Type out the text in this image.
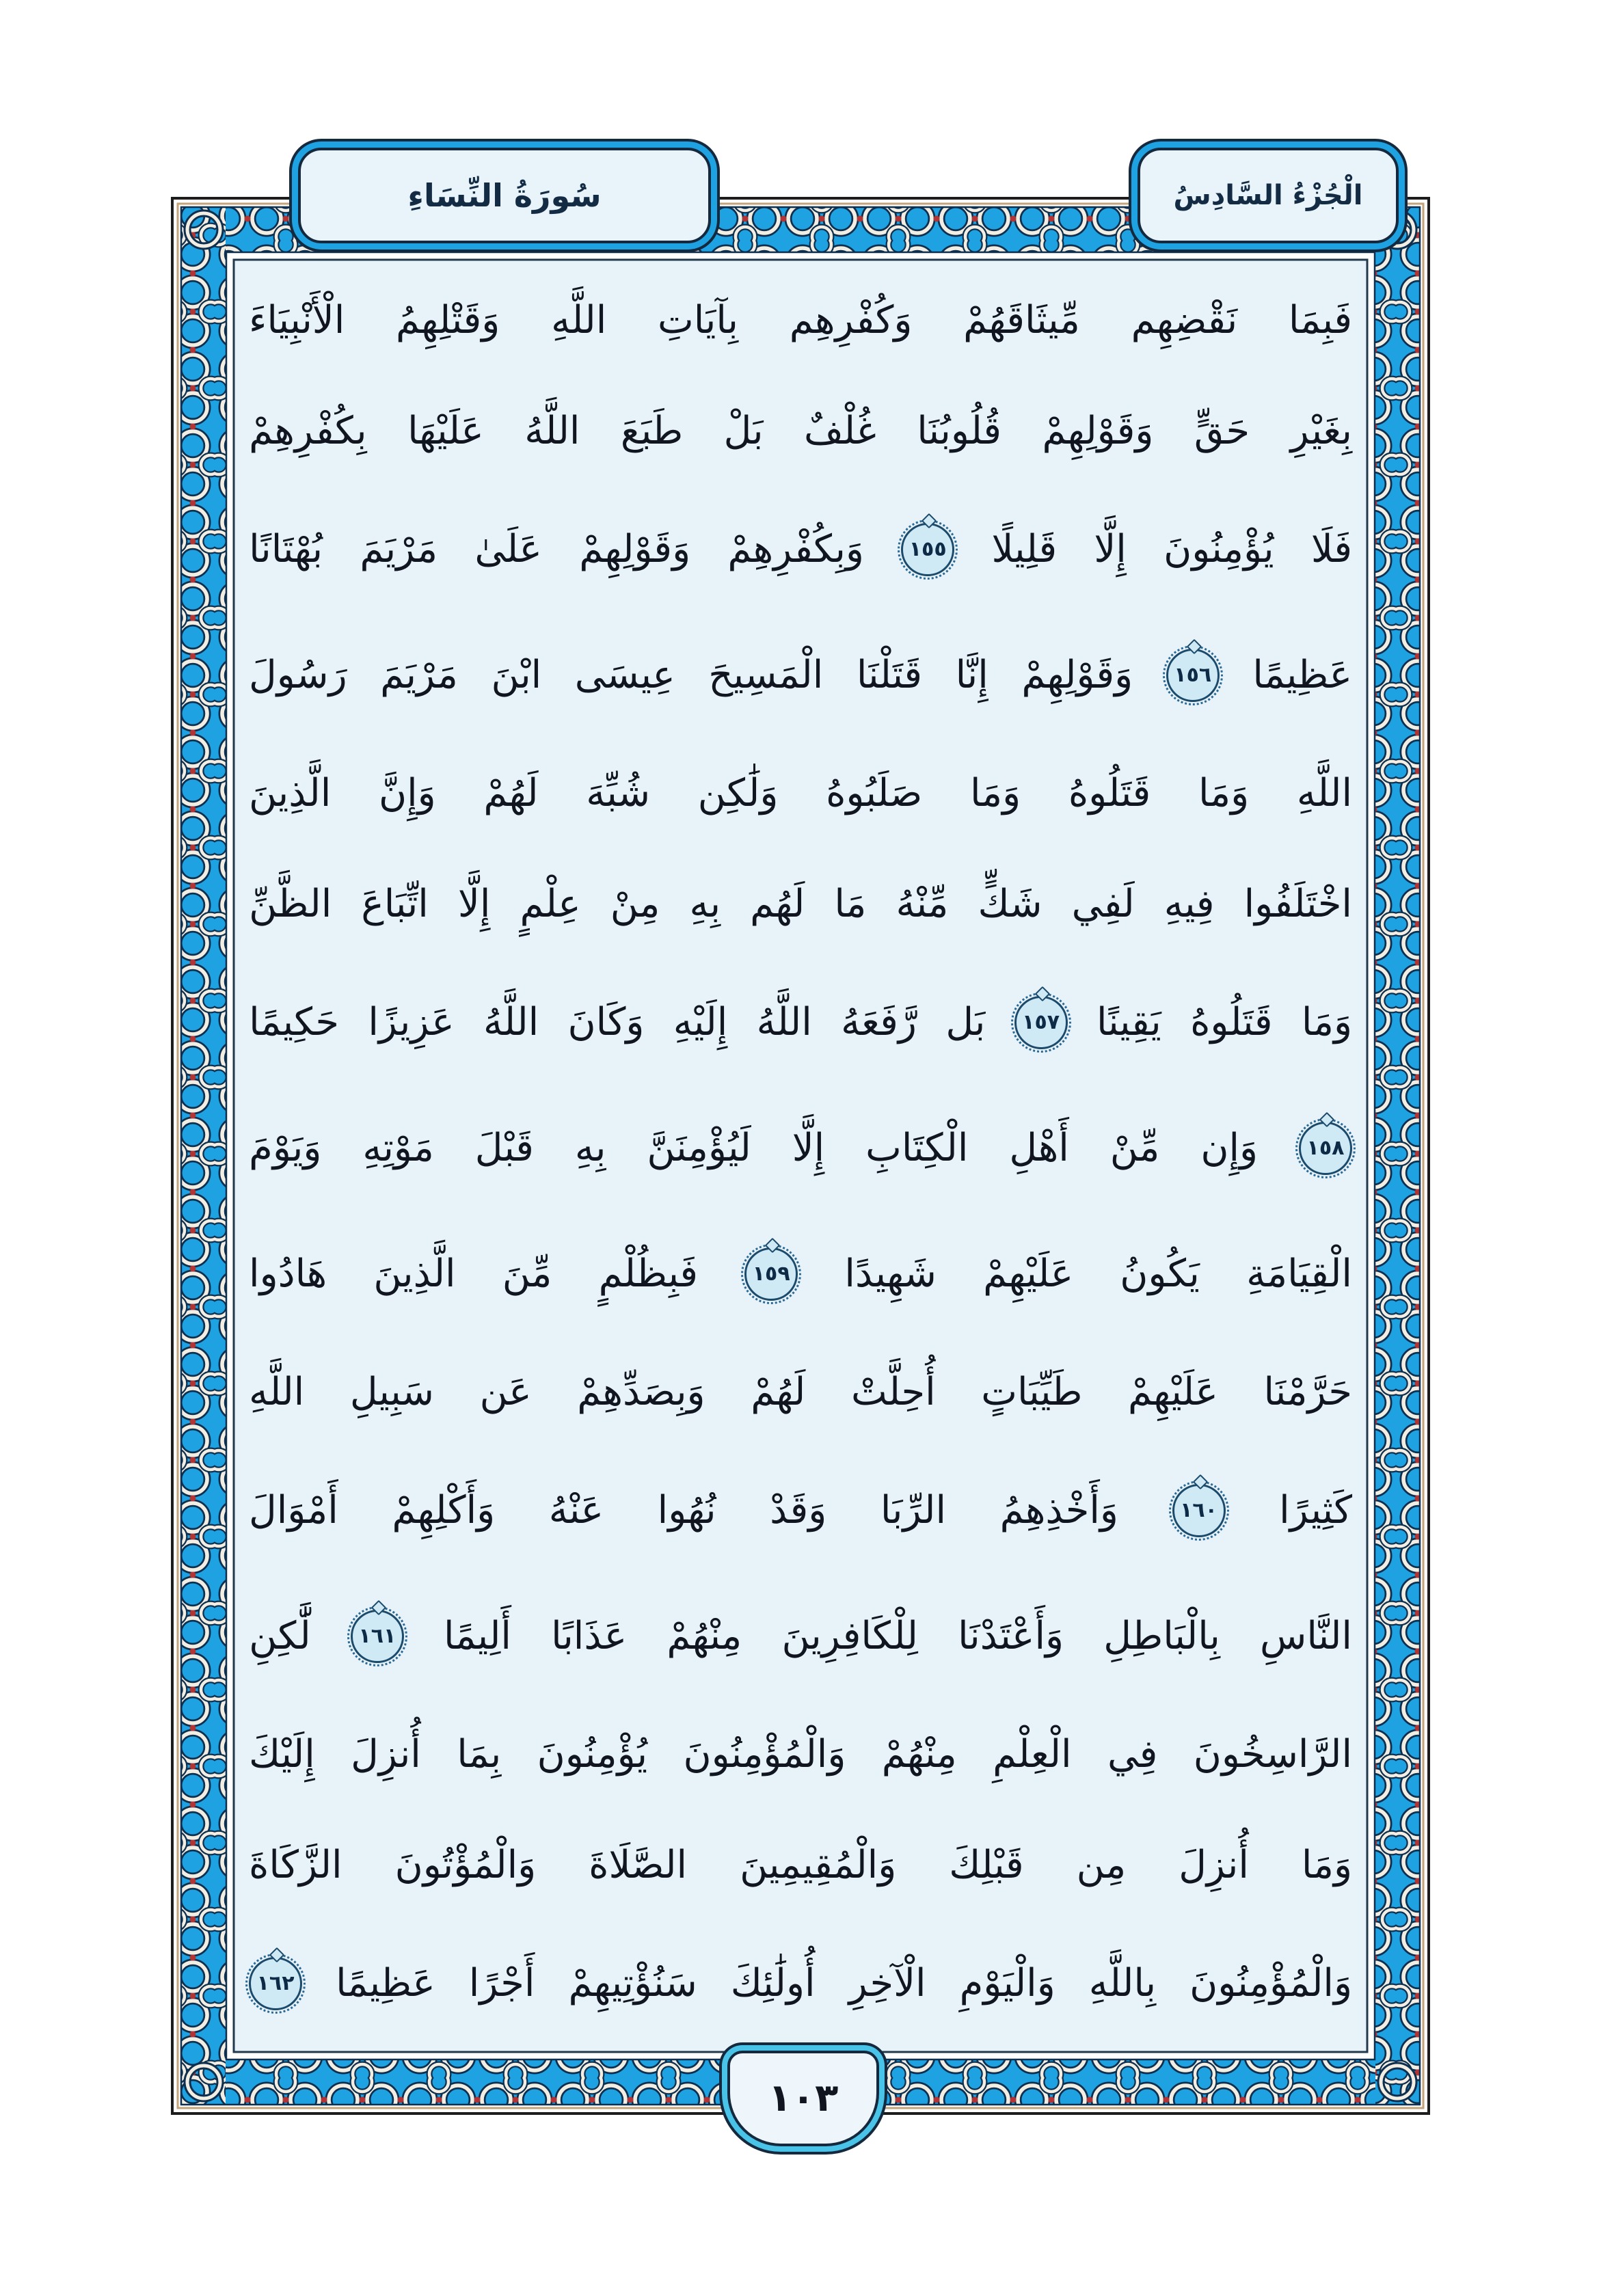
سُورَةُ النِّسَاءِ	الْجُزْءُ السَّادِسُ
فَبِمَا
نَقْضِهِم
مِّيثَاقَهُمْ
وَكُفْرِهِم
بِآيَاتِ
اللَّهِ
وَقَتْلِهِمُ
الْأَنْبِيَاءَ
بِغَيْرِ
حَقٍّ
وَقَوْلِهِمْ
قُلُوبُنَا
غُلْفٌ
بَلْ
طَبَعَ
اللَّهُ
عَلَيْهَا
بِكُفْرِهِمْ
فَلَا
يُؤْمِنُونَ
إِلَّا
قَلِيلًا
١٥٥
وَبِكُفْرِهِمْ
وَقَوْلِهِمْ
عَلَىٰ
مَرْيَمَ
بُهْتَانًا
عَظِيمًا
١٥٦
وَقَوْلِهِمْ
إِنَّا
قَتَلْنَا
الْمَسِيحَ
عِيسَى
ابْنَ
مَرْيَمَ
رَسُولَ
اللَّهِ
وَمَا
قَتَلُوهُ
وَمَا
صَلَبُوهُ
وَلَٰكِن
شُبِّهَ
لَهُمْ
وَإِنَّ
الَّذِينَ
اخْتَلَفُوا
فِيهِ
لَفِي
شَكٍّ
مِّنْهُ
مَا
لَهُم
بِهِ
مِنْ
عِلْمٍ
إِلَّا
اتِّبَاعَ
الظَّنِّ
وَمَا
قَتَلُوهُ
يَقِينًا
١٥٧
بَل
رَّفَعَهُ
اللَّهُ
إِلَيْهِ
وَكَانَ
اللَّهُ
عَزِيزًا
حَكِيمًا
١٥٨
وَإِن
مِّنْ
أَهْلِ
الْكِتَابِ
إِلَّا
لَيُؤْمِنَنَّ
بِهِ
قَبْلَ
مَوْتِهِ
وَيَوْمَ
الْقِيَامَةِ
يَكُونُ
عَلَيْهِمْ
شَهِيدًا
١٥٩
فَبِظُلْمٍ
مِّنَ
الَّذِينَ
هَادُوا
حَرَّمْنَا
عَلَيْهِمْ
طَيِّبَاتٍ
أُحِلَّتْ
لَهُمْ
وَبِصَدِّهِمْ
عَن
سَبِيلِ
اللَّهِ
كَثِيرًا
١٦٠
وَأَخْذِهِمُ
الرِّبَا
وَقَدْ
نُهُوا
عَنْهُ
وَأَكْلِهِمْ
أَمْوَالَ
النَّاسِ
بِالْبَاطِلِ
وَأَعْتَدْنَا
لِلْكَافِرِينَ
مِنْهُمْ
عَذَابًا
أَلِيمًا
١٦١
لَّٰكِنِ
الرَّاسِخُونَ
فِي
الْعِلْمِ
مِنْهُمْ
وَالْمُؤْمِنُونَ
يُؤْمِنُونَ
بِمَا
أُنزِلَ
إِلَيْكَ
وَمَا
أُنزِلَ
مِن
قَبْلِكَ
وَالْمُقِيمِينَ
الصَّلَاةَ
وَالْمُؤْتُونَ
الزَّكَاةَ
وَالْمُؤْمِنُونَ
بِاللَّهِ
وَالْيَوْمِ
الْآخِرِ
أُولَٰئِكَ
سَنُؤْتِيهِمْ
أَجْرًا
عَظِيمًا
١٦٢
١٠٣
